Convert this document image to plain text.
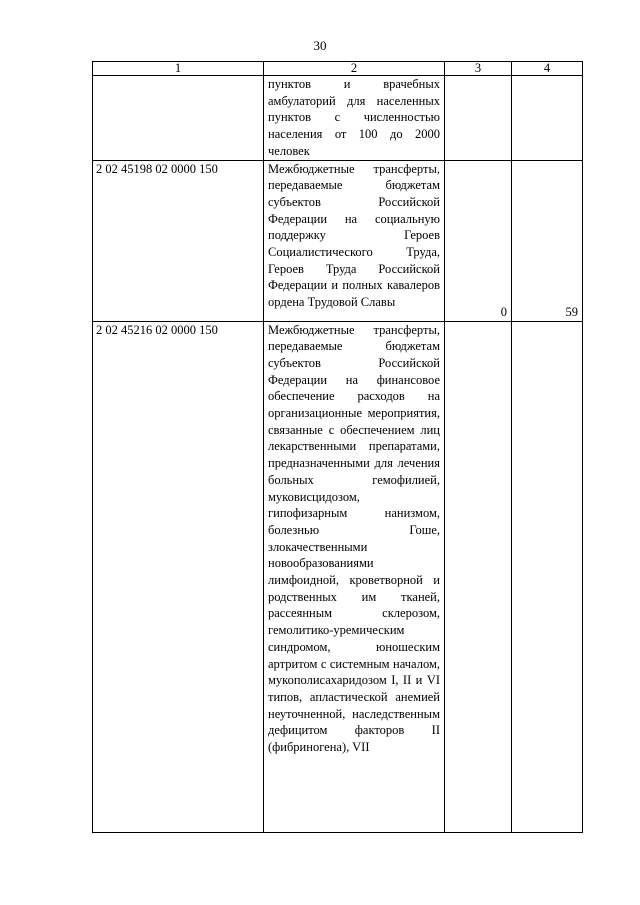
30
1	2	3	4
	пунктов и врачебных амбулаторий для населенных пунктов с численностью населения от 100 до 2000 человек		
2 02 45198 02 0000 150	Межбюджетные трансферты, передаваемые бюджетам субъектов Российской Федерации на социальную поддержку Героев Социалистического Труда, Героев Труда Российской Федерации и полных кавалеров ордена Трудовой Славы	0	59
2 02 45216 02 0000 150	Межбюджетные трансферты, передаваемые бюджетам субъектов Российской Федерации на финансовое обеспечение расходов на организационные мероприятия, связанные с обеспечением лиц лекарственными препаратами, предназначенными для лечения больных гемофилией, муковисцидозом, гипофизарным нанизмом, болезнью Гоше, злокачественными новообразованиями лимфоидной, кроветворной и родственных им тканей, рассеянным склерозом, гемолитико-уремическим синдромом, юношеским артритом с системным началом, мукополисахаридозом I, II и VI типов, апластической анемией неуточненной, наследственным дефицитом факторов II (фибриногена), VII		
